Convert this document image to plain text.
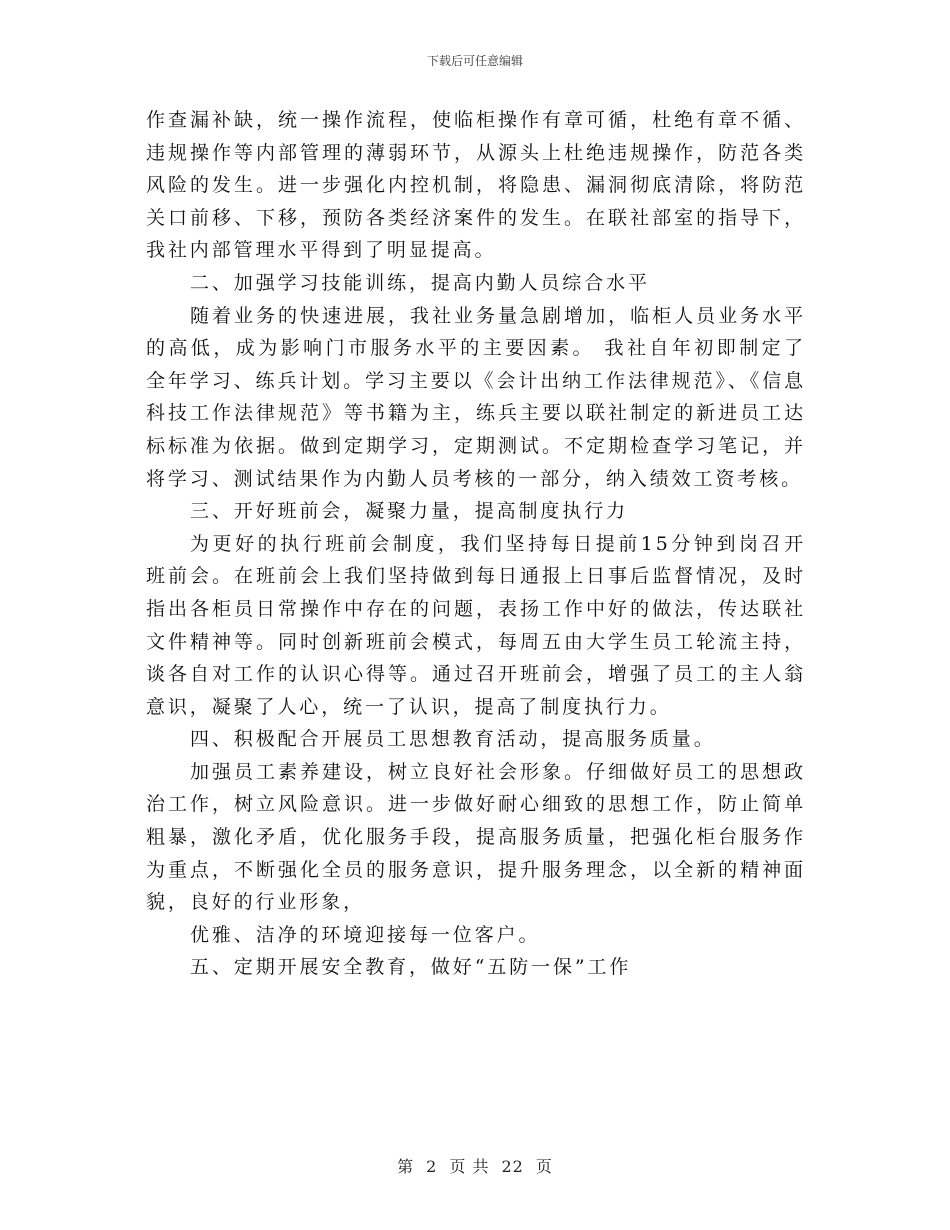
下载后可任意编辑

作查漏补缺，统一操作流程，使临柜操作有章可循，杜绝有章不循、违规操作等内部管理的薄弱环节，从源头上杜绝违规操作，防范各类风险的发生。进一步强化内控机制，将隐患、漏洞彻底清除，将防范关口前移、下移，预防各类经济案件的发生。在联社部室的指导下，我社内部管理水平得到了明显提高。

二、加强学习技能训练，提高内勤人员综合水平

随着业务的快速进展，我社业务量急剧增加，临柜人员业务水平的高低，成为影响门市服务水平的主要因素。 我社自年初即制定了全年学习、练兵计划。学习主要以《会计出纳工作法律规范》、《信息科技工作法律规范》等书籍为主，练兵主要以联社制定的新进员工达标标准为依据。做到定期学习，定期测试。不定期检查学习笔记，并将学习、测试结果作为内勤人员考核的一部分，纳入绩效工资考核。

三、开好班前会，凝聚力量，提高制度执行力

为更好的执行班前会制度，我们坚持每日提前15分钟到岗召开班前会。在班前会上我们坚持做到每日通报上日事后监督情况，及时指出各柜员日常操作中存在的问题，表扬工作中好的做法，传达联社文件精神等。同时创新班前会模式，每周五由大学生员工轮流主持，谈各自对工作的认识心得等。通过召开班前会，增强了员工的主人翁意识，凝聚了人心，统一了认识，提高了制度执行力。

四、积极配合开展员工思想教育活动，提高服务质量。

加强员工素养建设，树立良好社会形象。仔细做好员工的思想政治工作，树立风险意识。进一步做好耐心细致的思想工作，防止简单粗暴，激化矛盾，优化服务手段，提高服务质量，把强化柜台服务作为重点，不断强化全员的服务意识，提升服务理念，以全新的精神面貌，良好的行业形象，

优雅、洁净的环境迎接每一位客户。

五、定期开展安全教育，做好“五防一保”工作

第 2 页 共 22 页
